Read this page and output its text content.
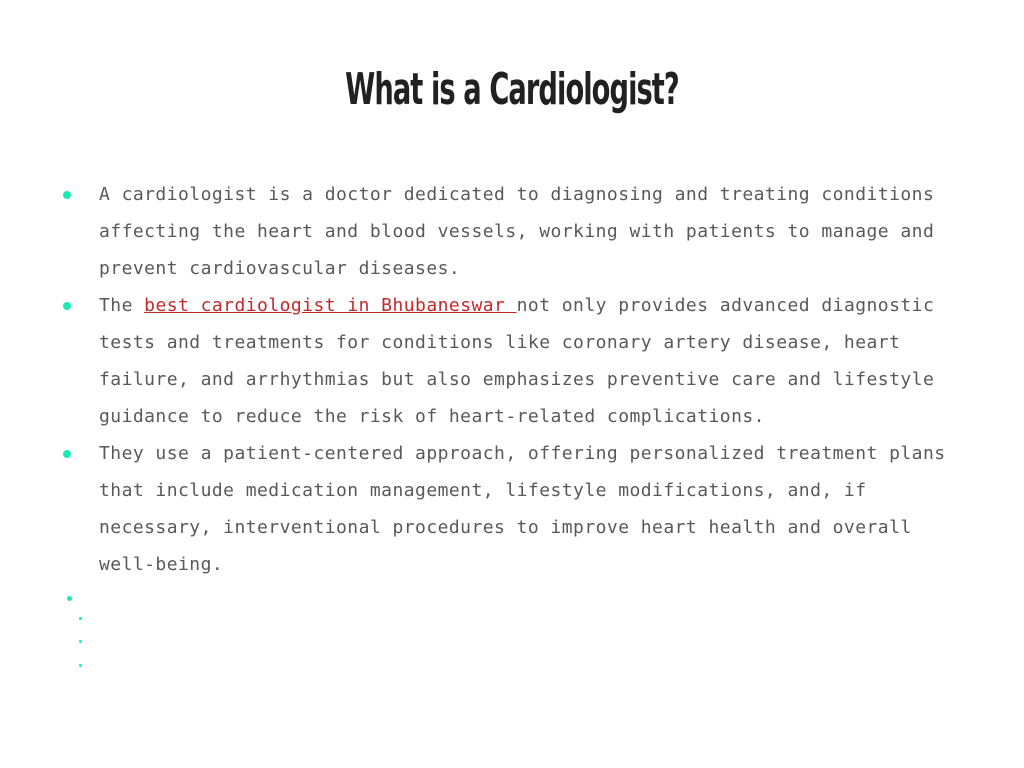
What is a Cardiologist?
A cardiologist is a doctor dedicated to diagnosing and treating conditions affecting the heart and blood vessels, working with patients to manage and prevent cardiovascular diseases.
The best cardiologist in Bhubaneswar not only provides advanced diagnostic tests and treatments for conditions like coronary artery disease, heart failure, and arrhythmias but also emphasizes preventive care and lifestyle guidance to reduce the risk of heart-related complications.
They use a patient-centered approach, offering personalized treatment plans that include medication management, lifestyle modifications, and, if necessary, interventional procedures to improve heart health and overall well-being.
